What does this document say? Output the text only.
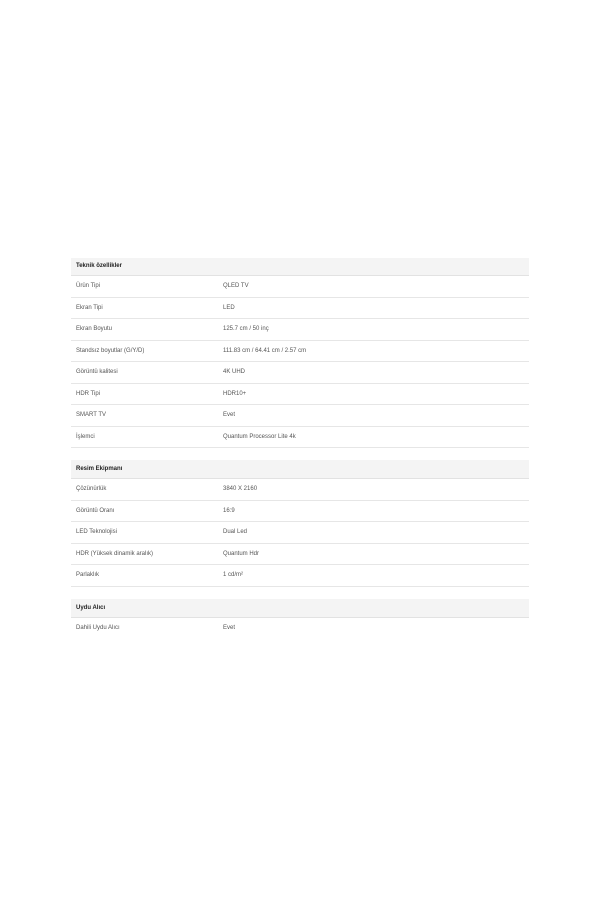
Teknik özellikler
Ürün Tipi	QLED TV
Ekran Tipi	LED
Ekran Boyutu	125.7 cm / 50 inç
Standsız boyutlar (G/Y/D)	111.83 cm / 64.41 cm / 2.57 cm
Görüntü kalitesi	4K UHD
HDR Tipi	HDR10+
SMART TV	Evet
İşlemci	Quantum Processor Lite 4k
Resim Ekipmanı
Çözünürlük	3840 X 2160
Görüntü Oranı	16:9
LED Teknolojisi	Dual Led
HDR (Yüksek dinamik aralık)	Quantum Hdr
Parlaklık	1 cd/m²
Uydu Alıcı
Dahili Uydu Alıcı	Evet
